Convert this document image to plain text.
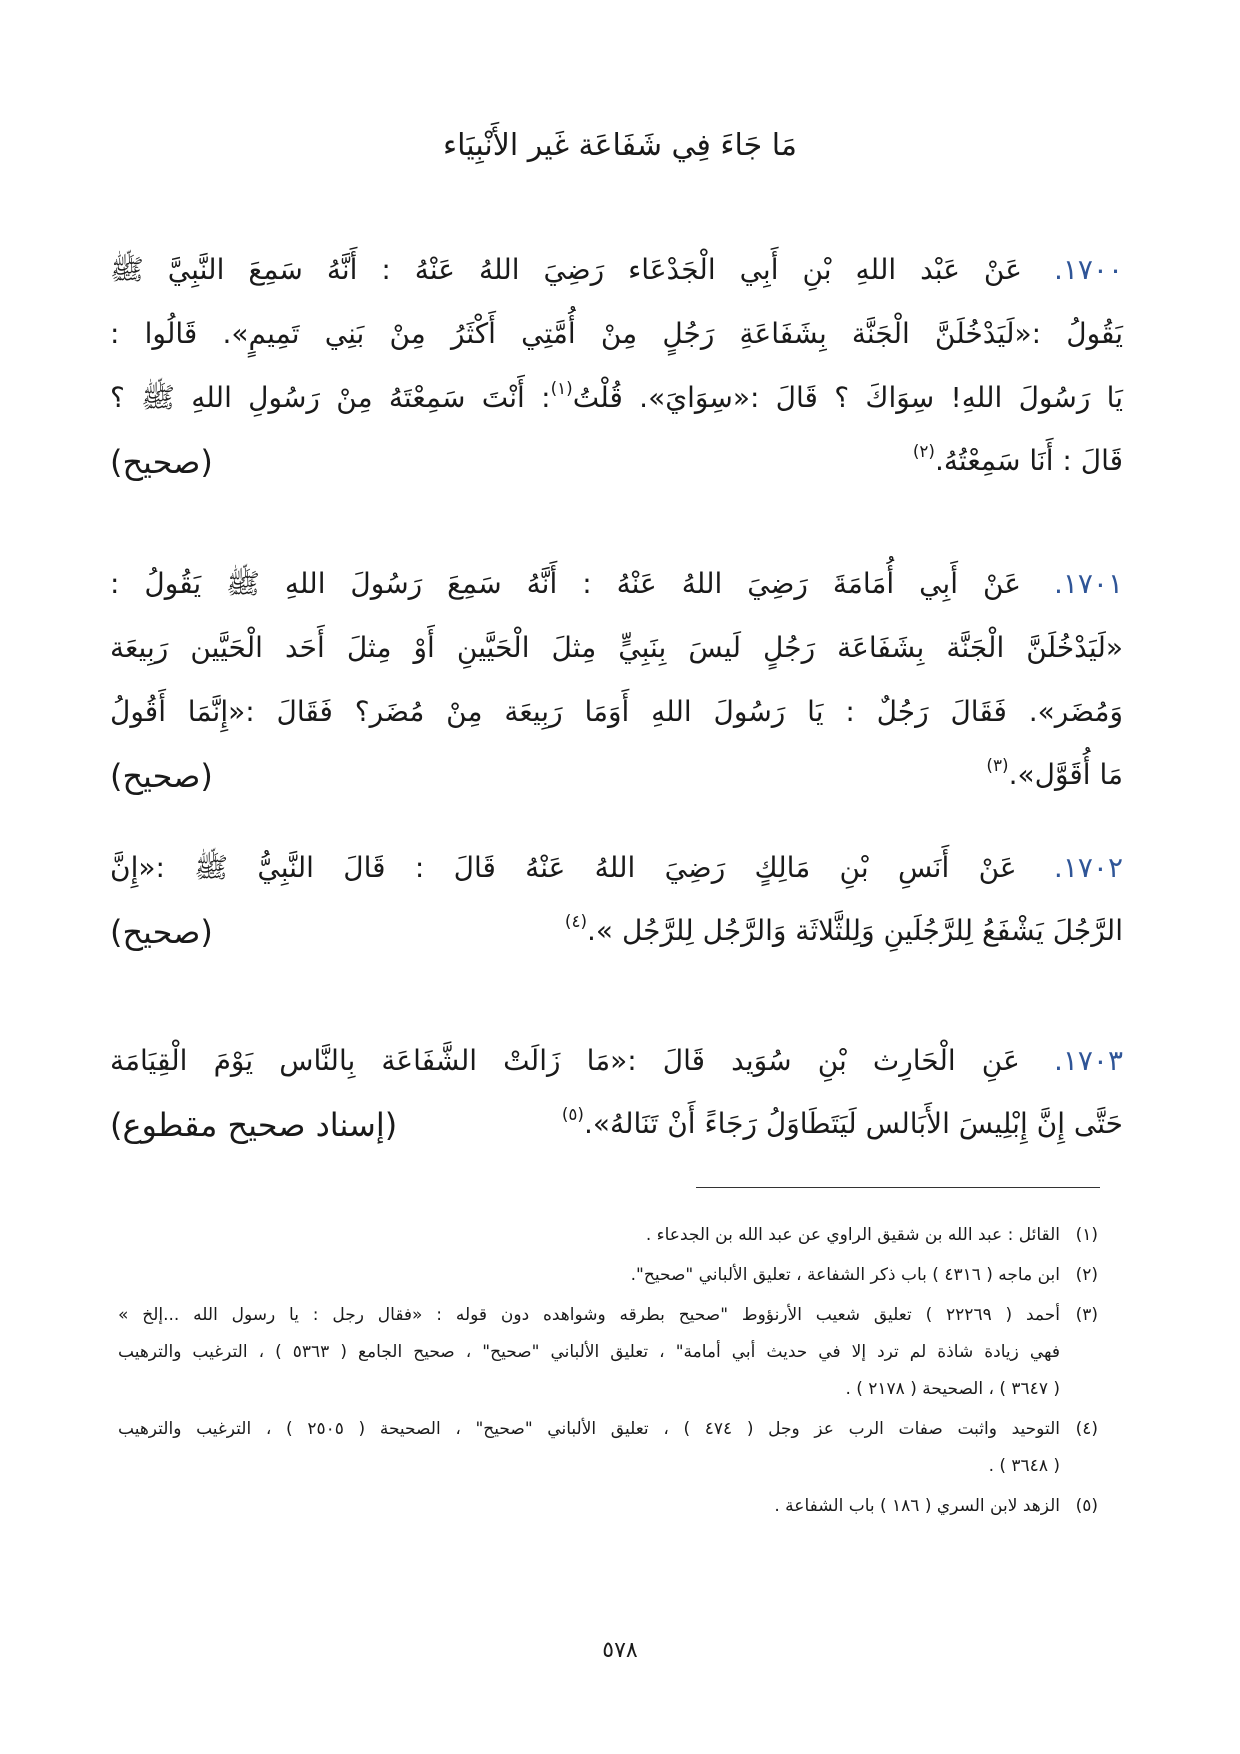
مَا جَاءَ فِي شَفَاعَة غَير الأَنْبِيَاء
١٧٠٠. عَنْ عَبْد اللهِ بْنِ أَبِي الْجَدْعَاء رَضِيَ اللهُ عَنْهُ : أَنَّهُ سَمِعَ النَّبِيَّ ﷺ
يَقُولُ :«لَيَدْخُلَنَّ الْجَنَّة بِشَفَاعَةِ رَجُلٍ مِنْ أُمَّتِي أَكْثَرُ مِنْ بَنِي تَمِيمٍ». قَالُوا :
يَا رَسُولَ اللهِ! سِوَاكَ ؟ قَالَ :«سِوَايَ». قُلْتُ$^{(١)}$: أَنْتَ سَمِعْتَهُ مِنْ رَسُولِ اللهِ ﷺ ؟
قَالَ : أَنَا سَمِعْتُهُ.$^{(٢)}$
(صحيح)
١٧٠١. عَنْ أَبِي أُمَامَةَ رَضِيَ اللهُ عَنْهُ : أَنَّهُ سَمِعَ رَسُولَ اللهِ ﷺ يَقُولُ :
«لَيَدْخُلَنَّ الْجَنَّة بِشَفَاعَة رَجُلٍ لَيسَ بِنَبِيٍّ مِثلَ الْحَيَّينِ أَوْ مِثلَ أَحَد الْحَيَّين رَبِيعَة
وَمُضَر». فَقَالَ رَجُلٌ : يَا رَسُولَ اللهِ أَوَمَا رَبِيعَة مِنْ مُضَر؟ فَقَالَ :«إِنَّمَا أَقُولُ
مَا أُقَوَّل».$^{(٣)}$
(صحيح)
١٧٠٢. عَنْ أَنَسِ بْنِ مَالِكٍ رَضِيَ اللهُ عَنْهُ قَالَ : قَالَ النَّبِيُّ ﷺ :«إِنَّ
الرَّجُلَ يَشْفَعُ لِلرَّجُلَينِ وَلِلثَّلاثَة وَالرَّجُل لِلرَّجُل ».$^{(٤)}$
(صحيح)
١٧٠٣. عَنِ الْحَارِث بْنِ سُوَيد قَالَ :«مَا زَالَتْ الشَّفَاعَة بِالنَّاس يَوْمَ الْقِيَامَة
حَتَّى إِنَّ إِبْلِيسَ الأَبَالس لَيَتَطَاوَلُ رَجَاءً أَنْ تَنَالهُ».$^{(٥)}$
(إسناد صحيح مقطوع)
(١)
القائل : عبد الله بن شقيق الراوي عن عبد الله بن الجدعاء .
(٢)
ابن ماجه ( ٤٣١٦ ) باب ذكر الشفاعة ، تعليق الألباني "صحيح".
(٣)
أحمد ( ٢٢٢٦٩ ) تعليق شعيب الأرنؤوط "صحيح بطرقه وشواهده دون قوله : «فقال رجل : يا رسول الله ...إلخ »
فهي زيادة شاذة لم ترد إلا في حديث أبي أمامة" ، تعليق الألباني "صحيح" ، صحيح الجامع ( ٥٣٦٣ ) ، الترغيب والترهيب
( ٣٦٤٧ ) ، الصحيحة ( ٢١٧٨ ) .
(٤)
التوحيد واثبت صفات الرب عز وجل ( ٤٧٤ ) ، تعليق الألباني "صحيح" ، الصحيحة ( ٢٥٠٥ ) ، الترغيب والترهيب
( ٣٦٤٨ ) .
(٥)
الزهد لابن السري ( ١٨٦ ) باب الشفاعة .
٥٧٨
